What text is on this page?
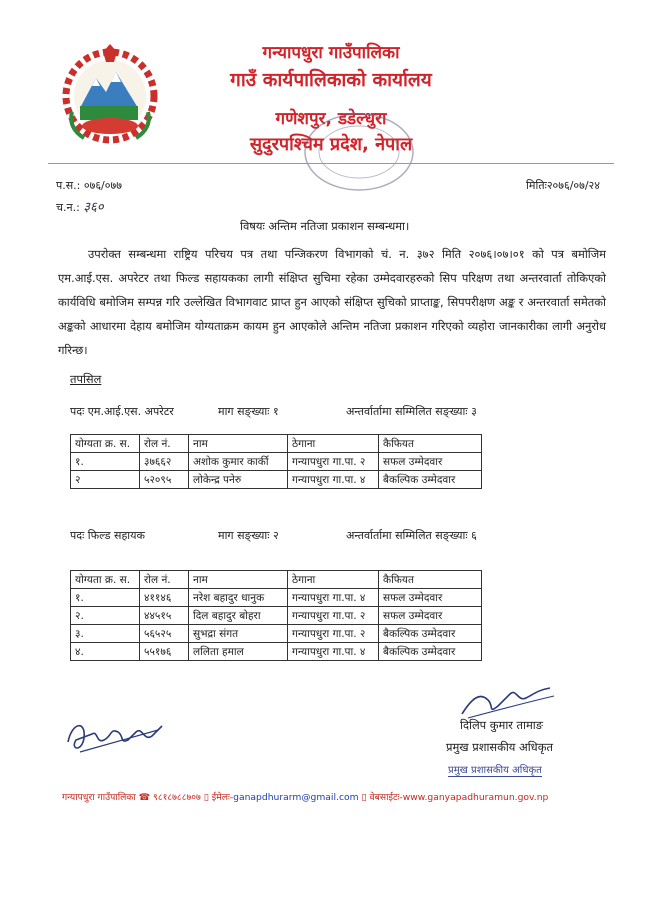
गन्यापधुरा गाउँपालिका
गाउँ कार्यपालिकाको कार्यालय
गणेशपुर, डडेल्धुरा
सुदुरपश्चिम प्रदेश, नेपाल
प.स.: ०७६/०७७
च.न.: ३६०
मितिः२०७६/०७/२४
विषयः अन्तिम नतिजा प्रकाशन सम्बन्धमा।
उपरोक्त सम्बन्धमा राष्ट्रिय परिचय पत्र तथा पन्जिकरण विभागको चं. न. ३७२ मिति २०७६।०७।०१ को पत्र बमोजिम एम.आई.एस. अपरेटर तथा फिल्ड सहायकका लागी संक्षिप्त सुचिमा रहेका उम्मेदवारहरुको सिप परिक्षण तथा अन्तरवार्ता तोकिएको कार्यविधि बमोजिम सम्पन्न गरि उल्लेखित विभागवाट प्राप्त हुन आएको संक्षिप्त सुचिको प्राप्ताङ्क, सिपपरीक्षण अङ्क र अन्तरवार्ता समेतको अङ्कको आधारमा देहाय बमोजिम योग्यताक्रम कायम हुन आएकोले अन्तिम नतिजा प्रकाशन गरिएको व्यहोरा जानकारीका लागी अनुरोध गरिन्छ।
तपसिल
पदः एम.आई.एस. अपरेटर	माग सङ्ख्याः १	अन्तर्वार्तामा सम्मिलित सङ्ख्याः ३
योग्यता क्र. स.	रोल नं.	नाम	ठेगाना	कैफियत
१.	३७६६२	अशोक कुमार कार्की	गन्यापधुरा गा.पा. २	सफल उम्मेदवार
२	५२०९५	लोकेन्द्र पनेरु	गन्यापधुरा गा.पा. ४	बैकल्पिक उम्मेदवार
पदः फिल्ड सहायक	माग सङ्ख्याः २	अन्तर्वार्तामा सम्मिलित सङ्ख्याः ६
योग्यता क्र. स.	रोल नं.	नाम	ठेगाना	कैफियत
१.	४११४६	नरेश बहादुर धानुक	गन्यापधुरा गा.पा. ४	सफल उम्मेदवार
२.	४४५१५	दिल बहादुर बोहरा	गन्यापधुरा गा.पा. २	सफल उम्मेदवार
३.	५६५२५	सुभद्रा संगत	गन्यापधुरा गा.पा. २	बैकल्पिक उम्मेदवार
४.	५५१७६	ललिता हमाल	गन्यापधुरा गा.पा. ४	बैकल्पिक उम्मेदवार
दिलिप कुमार तामाङ
प्रमुख प्रशासकीय अधिकृत
प्रमुख प्रशासकीय अधिकृत
गन्यापधुरा गाउँपालिका ☎ ९८१८७८८७०७ ▯ ईमेलः-ganapdhurarm@gmail.com ▯ वेबसाईटः-www.ganyapadhuramun.gov.np
